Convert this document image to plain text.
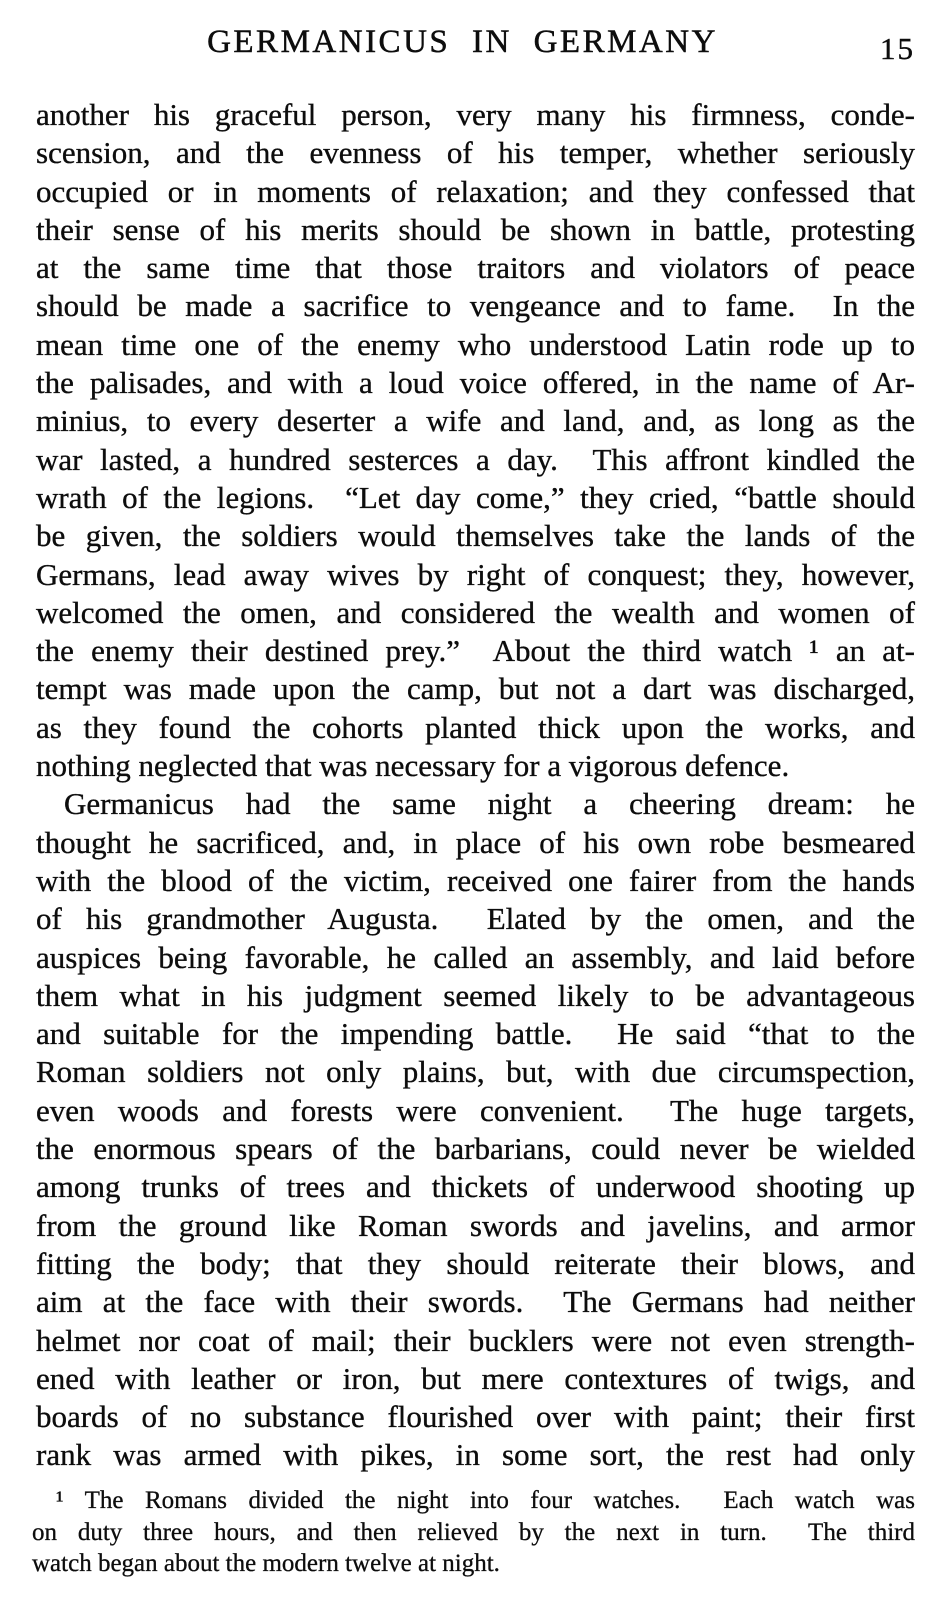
GERMANICUS IN GERMANY	15
another his graceful person, very many his firmness, conde-
scension, and the evenness of his temper, whether seriously
occupied or in moments of relaxation; and they confessed that
their sense of his merits should be shown in battle, protesting
at the same time that those traitors and violators of peace
should be made a sacrifice to vengeance and to fame.  In the
mean time one of the enemy who understood Latin rode up to
the palisades, and with a loud voice offered, in the name of Ar-
minius, to every deserter a wife and land, and, as long as the
war lasted, a hundred sesterces a day.  This affront kindled the
wrath of the legions.  “Let day come,” they cried, “battle should
be given, the soldiers would themselves take the lands of the
Germans, lead away wives by right of conquest; they, however,
welcomed the omen, and considered the wealth and women of
the enemy their destined prey.”  About the third watch ¹ an at-
tempt was made upon the camp, but not a dart was discharged,
as they found the cohorts planted thick upon the works, and
nothing neglected that was necessary for a vigorous defence.
Germanicus had the same night a cheering dream: he
thought he sacrificed, and, in place of his own robe besmeared
with the blood of the victim, received one fairer from the hands
of his grandmother Augusta.  Elated by the omen, and the
auspices being favorable, he called an assembly, and laid before
them what in his judgment seemed likely to be advantageous
and suitable for the impending battle.  He said “that to the
Roman soldiers not only plains, but, with due circumspection,
even woods and forests were convenient.  The huge targets,
the enormous spears of the barbarians, could never be wielded
among trunks of trees and thickets of underwood shooting up
from the ground like Roman swords and javelins, and armor
fitting the body; that they should reiterate their blows, and
aim at the face with their swords.  The Germans had neither
helmet nor coat of mail; their bucklers were not even strength-
ened with leather or iron, but mere contextures of twigs, and
boards of no substance flourished over with paint; their first
rank was armed with pikes, in some sort, the rest had only
¹ The Romans divided the night into four watches.  Each watch was
on duty three hours, and then relieved by the next in turn.  The third
watch began about the modern twelve at night.
